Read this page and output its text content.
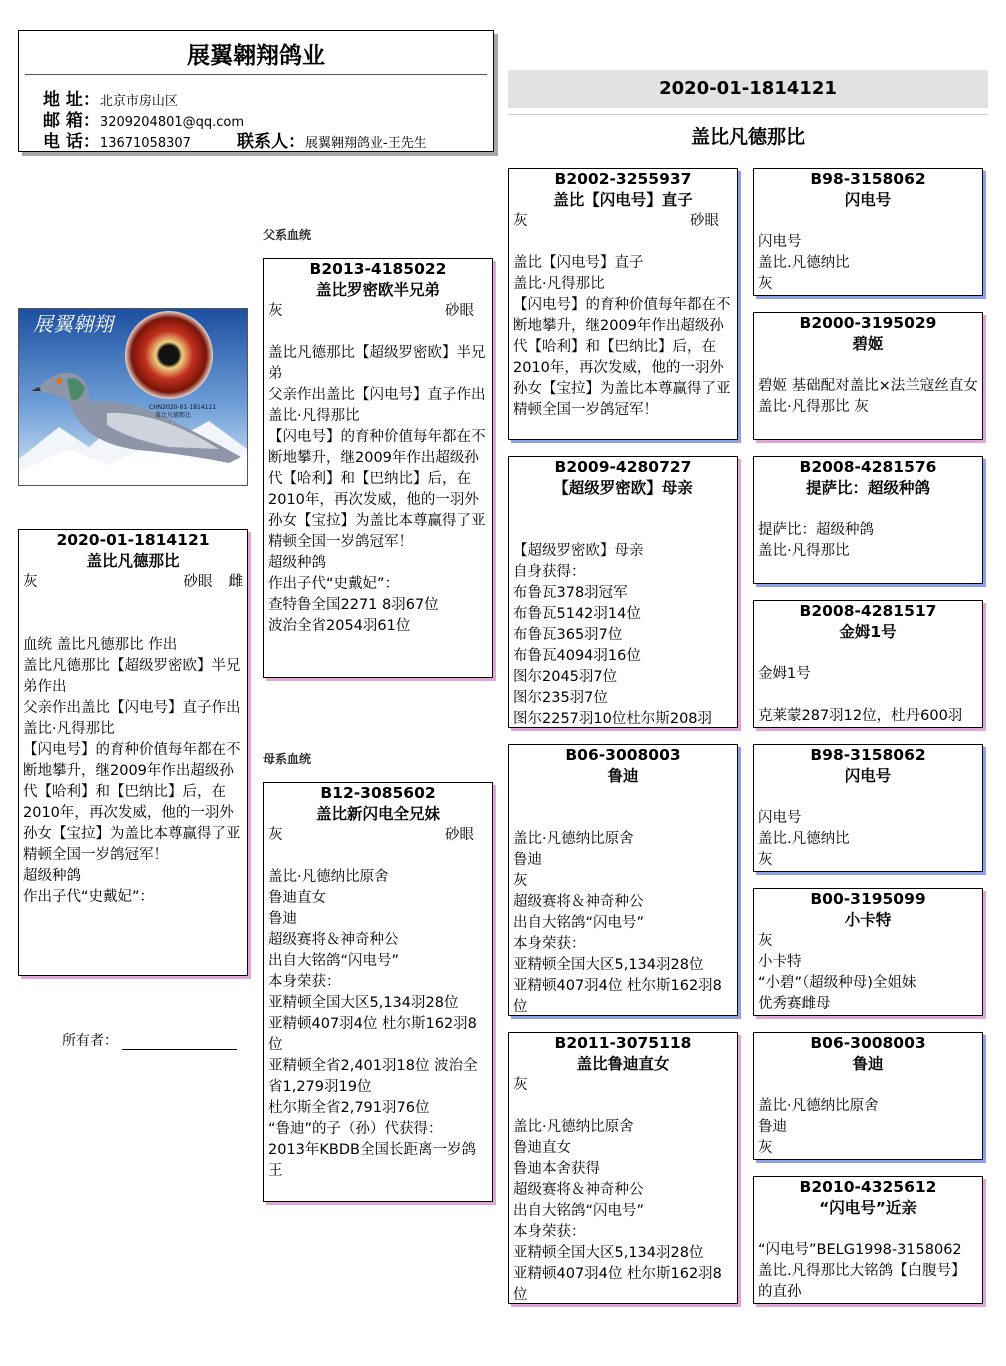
展翼翱翔鸽业
地 址：北京市房山区
邮 箱：3209204801@qq.com
电 话：13671058307	联系人：展翼翱翔鸽业-王先生
2020-01-1814121
盖比凡德那比
父系血统
母系血统
展翼翱翔
CHN2020-01-1814121
盖比凡德那比
2020-01-1814121
盖比凡德那比
灰	砂眼 雌
血统 盖比凡德那比 作出
盖比凡德那比【超级罗密欧】半兄弟作出
父亲作出盖比【闪电号】直子作出
盖比·凡得那比
【闪电号】的育种价值每年都在不断地攀升，继2009年作出超级孙代【哈利】和【巴纳比】后，在 2010年，再次发威，他的一羽外孙女【宝拉】为盖比本尊赢得了亚精顿全国一岁鸽冠军！
超级种鸽
作出子代“史戴妃”：
所有者：
B2013-4185022
盖比罗密欧半兄弟
灰	砂眼
盖比凡德那比【超级罗密欧】半兄弟
父亲作出盖比【闪电号】直子作出
盖比·凡得那比
【闪电号】的育种价值每年都在不断地攀升，继2009年作出超级孙代【哈利】和【巴纳比】后，在 2010年，再次发威，他的一羽外孙女【宝拉】为盖比本尊赢得了亚精顿全国一岁鸽冠军！
超级种鸽
作出子代“史戴妃”：
查特鲁全国2271 8羽67位
波治全省2054羽61位
B12-3085602
盖比新闪电全兄妹
灰	砂眼
盖比·凡德纳比原舍
鲁迪直女
鲁迪
超级赛将＆神奇种公
出自大铭鸽“闪电号”
本身荣获：
亚精顿全国大区5,134羽28位
亚精顿407羽4位 杜尔斯162羽8位
亚精顿全省2,401羽18位 波治全省1,279羽19位
杜尔斯全省2,791羽76位
“鲁迪”的子（孙）代获得：
2013年KBDB全国长距离一岁鸽王
B2002-3255937
盖比【闪电号】直子
灰	砂眼
盖比【闪电号】直子
盖比·凡得那比
【闪电号】的育种价值每年都在不断地攀升，继2009年作出超级孙代【哈利】和【巴纳比】后，在 2010年，再次发威，他的一羽外孙女【宝拉】为盖比本尊赢得了亚精顿全国一岁鸽冠军！
B2009-4280727
【超级罗密欧】母亲
【超级罗密欧】母亲
自身获得：
布鲁瓦378羽冠军
布鲁瓦5142羽14位
布鲁瓦365羽7位
布鲁瓦4094羽16位
图尔2045羽7位
图尔235羽7位
图尔2257羽10位杜尔斯208羽
B06-3008003
鲁迪
盖比·凡德纳比原舍
鲁迪
灰
超级赛将＆神奇种公
出自大铭鸽“闪电号”
本身荣获：
亚精顿全国大区5,134羽28位
亚精顿407羽4位 杜尔斯162羽8位
B2011-3075118
盖比鲁迪直女
灰
盖比·凡德纳比原舍
鲁迪直女
鲁迪本舍获得
超级赛将＆神奇种公
出自大铭鸽“闪电号”
本身荣获：
亚精顿全国大区5,134羽28位
亚精顿407羽4位 杜尔斯162羽8位
B98-3158062
闪电号
闪电号
盖比.凡德纳比
灰
B2000-3195029
碧姬
碧姬 基础配对盖比×法兰寇丝直女
盖比·凡得那比 灰
B2008-4281576
提萨比：超级种鸽
提萨比：超级种鸽
盖比·凡得那比
B2008-4281517
金姆1号
金姆1号

克莱蒙287羽12位，杜丹600羽
B98-3158062
闪电号
闪电号
盖比.凡德纳比
灰
B00-3195099
小卡特
灰
小卡特
“小碧”（超级种母)全姐妹
优秀赛雌母
B06-3008003
鲁迪
盖比·凡德纳比原舍
鲁迪
灰
B2010-4325612
“闪电号”近亲
“闪电号”BELG1998-3158062
盖比.凡得那比大铭鸽【白腹号】的直孙
